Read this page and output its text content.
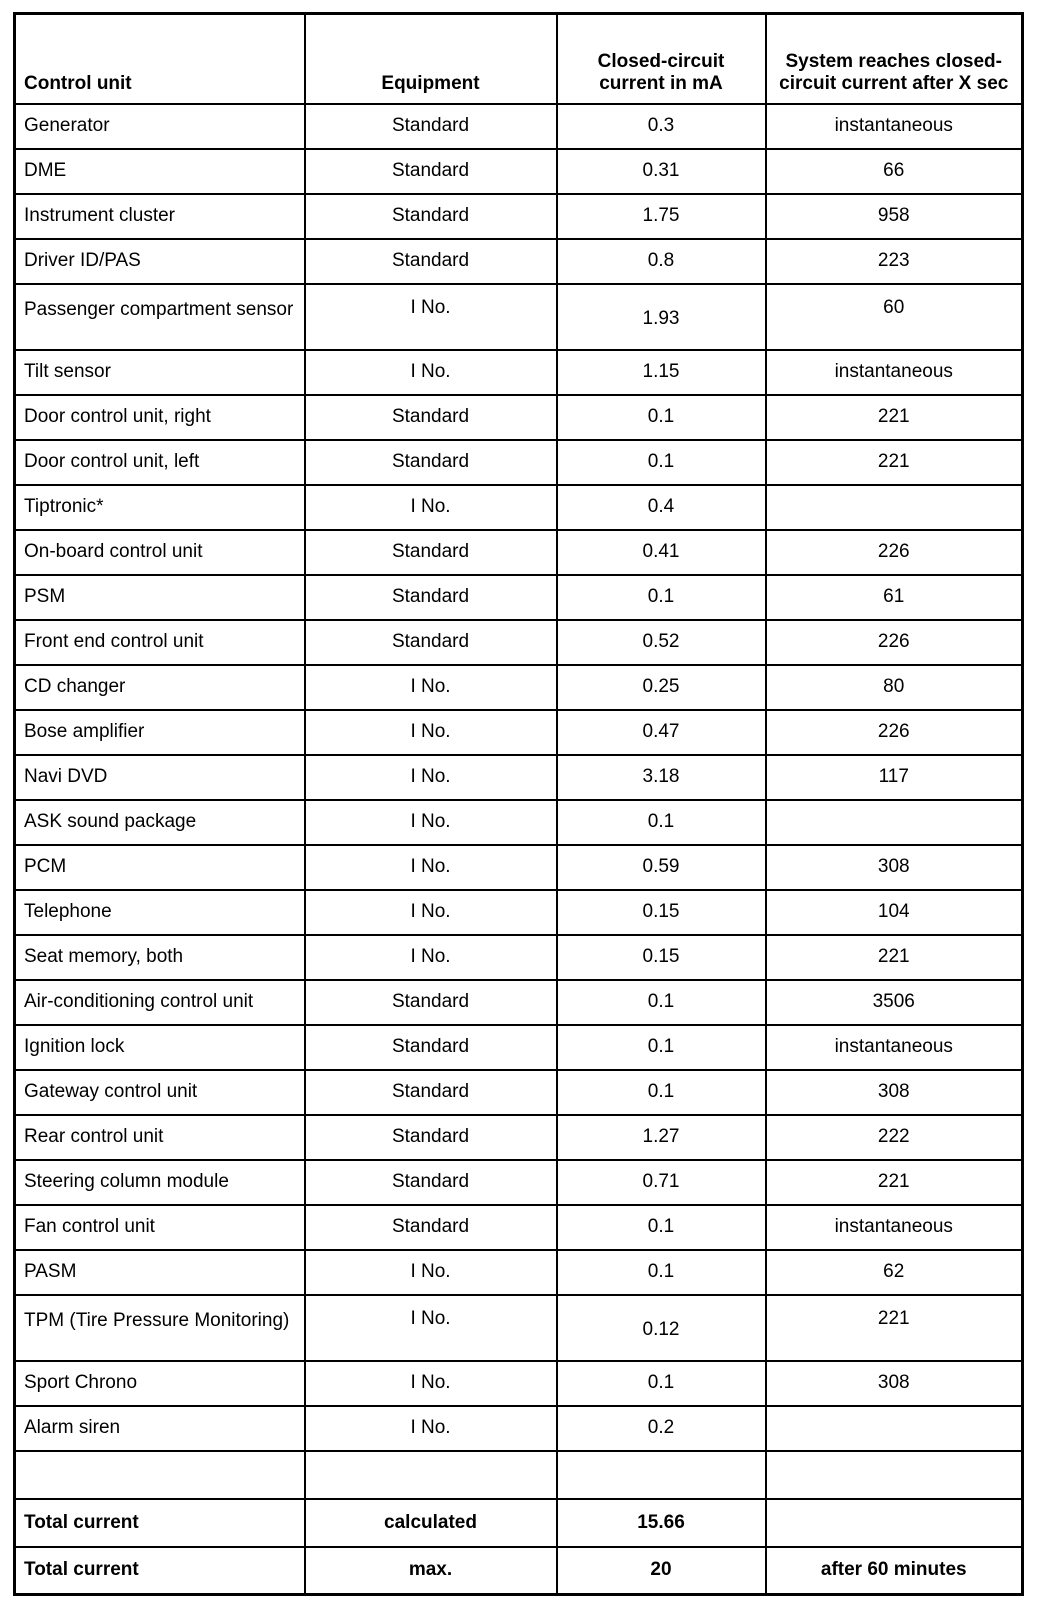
Control unit	Equipment	Closed-circuit current in mA	System reaches closed-circuit current after X sec
Generator	Standard	0.3	instantaneous
DME	Standard	0.31	66
Instrument cluster	Standard	1.75	958
Driver ID/PAS	Standard	0.8	223
Passenger compartment sensor	I No.	1.93	60
Tilt sensor	I No.	1.15	instantaneous
Door control unit, right	Standard	0.1	221
Door control unit, left	Standard	0.1	221
Tiptronic*	I No.	0.4	
On-board control unit	Standard	0.41	226
PSM	Standard	0.1	61
Front end control unit	Standard	0.52	226
CD changer	I No.	0.25	80
Bose amplifier	I No.	0.47	226
Navi DVD	I No.	3.18	117
ASK sound package	I No.	0.1	
PCM	I No.	0.59	308
Telephone	I No.	0.15	104
Seat memory, both	I No.	0.15	221
Air-conditioning control unit	Standard	0.1	3506
Ignition lock	Standard	0.1	instantaneous
Gateway control unit	Standard	0.1	308
Rear control unit	Standard	1.27	222
Steering column module	Standard	0.71	221
Fan control unit	Standard	0.1	instantaneous
PASM	I No.	0.1	62
TPM (Tire Pressure Monitoring)	I No.	0.12	221
Sport Chrono	I No.	0.1	308
Alarm siren	I No.	0.2	

Total current	calculated	15.66	
Total current	max.	20	after 60 minutes
